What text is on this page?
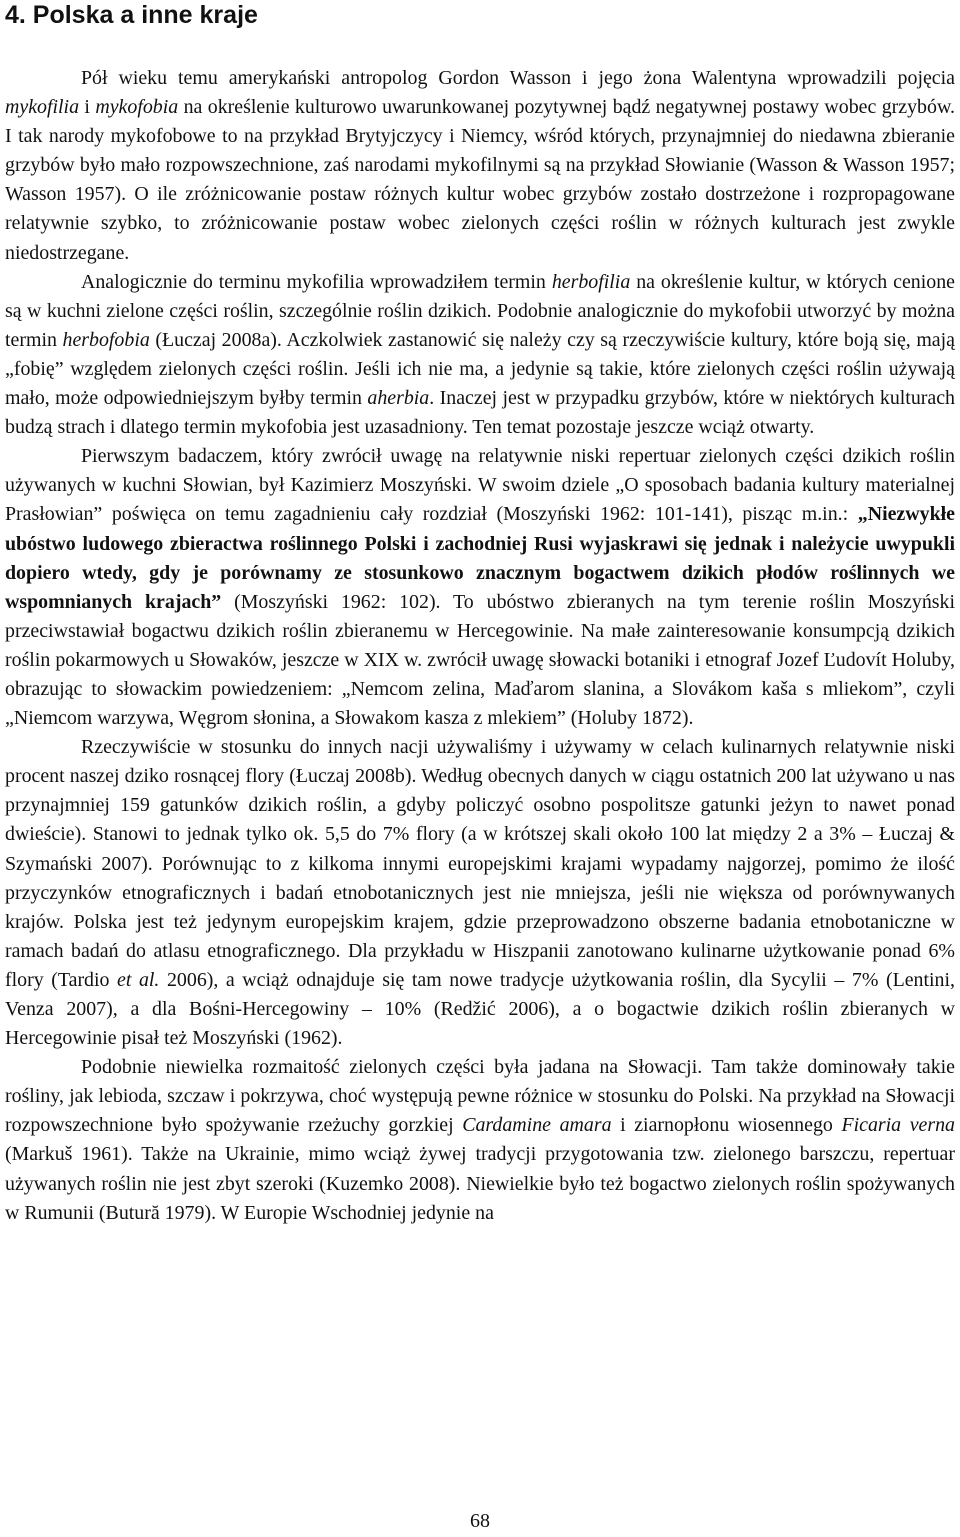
4. Polska a inne kraje

Pół wieku temu amerykański antropolog Gordon Wasson i jego żona Walentyna wprowadzili pojęcia mykofilia i mykofobia na określenie kulturowo uwarunkowanej pozytywnej bądź negatywnej postawy wobec grzybów. I tak narody mykofobowe to na przykład Brytyjczycy i Niemcy, wśród których, przynajmniej do niedawna zbieranie grzybów było mało rozpowszechnione, zaś narodami mykofilnymi są na przykład Słowianie (Wasson & Wasson 1957; Wasson 1957). O ile zróżnicowanie postaw różnych kultur wobec grzybów zostało dostrzeżone i rozpropagowane relatywnie szybko, to zróżnicowanie postaw wobec zielonych części roślin w różnych kulturach jest zwykle niedostrzegane.

Analogicznie do terminu mykofilia wprowadziłem termin herbofilia na określenie kultur, w których cenione są w kuchni zielone części roślin, szczególnie roślin dzikich. Podobnie analogicznie do mykofobii utworzyć by można termin herbofobia (Łuczaj 2008a). Aczkolwiek zastanowić się należy czy są rzeczywiście kultury, które boją się, mają „fobię” względem zielonych części roślin. Jeśli ich nie ma, a jedynie są takie, które zielonych części roślin używają mało, może odpowiedniejszym byłby termin aherbia. Inaczej jest w przypadku grzybów, które w niektórych kulturach budzą strach i dlatego termin mykofobia jest uzasadniony. Ten temat pozostaje jeszcze wciąż otwarty.

Pierwszym badaczem, który zwrócił uwagę na relatywnie niski repertuar zielonych części dzikich roślin używanych w kuchni Słowian, był Kazimierz Moszyński. W swoim dziele „O sposobach badania kultury materialnej Prasłowian” poświęca on temu zagadnieniu cały rozdział (Moszyński 1962: 101-141), pisząc m.in.: „Niezwykłe ubóstwo ludowego zbieractwa roślinnego Polski i zachodniej Rusi wyjaskrawi się jednak i należycie uwypukli dopiero wtedy, gdy je porównamy ze stosunkowo znacznym bogactwem dzikich płodów roślinnych we wspomnianych krajach” (Moszyński 1962: 102). To ubóstwo zbieranych na tym terenie roślin Moszyński przeciwstawiał bogactwu dzikich roślin zbieranemu w Hercegowinie. Na małe zainteresowanie konsumpcją dzikich roślin pokarmowych u Słowaków, jeszcze w XIX w. zwrócił uwagę słowacki botaniki i etnograf Jozef Ľudovít Holuby, obrazując to słowackim powiedzeniem: „Nemcom zelina, Maďarom slanina, a Slovákom kaša s mliekom”, czyli „Niemcom warzywa, Węgrom słonina, a Słowakom kasza z mlekiem” (Holuby 1872).

Rzeczywiście w stosunku do innych nacji używaliśmy i używamy w celach kulinarnych relatywnie niski procent naszej dziko rosnącej flory (Łuczaj 2008b). Według obecnych danych w ciągu ostatnich 200 lat używano u nas przynajmniej 159 gatunków dzikich roślin, a gdyby policzyć osobno pospolitsze gatunki jeżyn to nawet ponad dwieście). Stanowi to jednak tylko ok. 5,5 do 7% flory (a w krótszej skali około 100 lat między 2 a 3% – Łuczaj & Szymański 2007). Porównując to z kilkoma innymi europejskimi krajami wypadamy najgorzej, pomimo że ilość przyczynków etnograficznych i badań etnobotanicznych jest nie mniejsza, jeśli nie większa od porównywanych krajów. Polska jest też jedynym europejskim krajem, gdzie przeprowadzono obszerne badania etnobotaniczne w ramach badań do atlasu etnograficznego. Dla przykładu w Hiszpanii zanotowano kulinarne użytkowanie ponad 6% flory (Tardio et al. 2006), a wciąż odnajduje się tam nowe tradycje użytkowania roślin, dla Sycylii – 7% (Lentini, Venza 2007), a dla Bośni-Hercegowiny – 10% (Redžić 2006), a o bogactwie dzikich roślin zbieranych w Hercegowinie pisał też Moszyński (1962).

Podobnie niewielka rozmaitość zielonych części była jadana na Słowacji. Tam także dominowały takie rośliny, jak lebioda, szczaw i pokrzywa, choć występują pewne różnice w stosunku do Polski. Na przykład na Słowacji rozpowszechnione było spożywanie rzeżuchy gorzkiej Cardamine amara i ziarnopłonu wiosennego Ficaria verna (Markuš 1961). Także na Ukrainie, mimo wciąż żywej tradycji przygotowania tzw. zielonego barszczu, repertuar używanych roślin nie jest zbyt szeroki (Kuzemko 2008). Niewielkie było też bogactwo zielonych roślin spożywanych w Rumunii (Butură 1979). W Europie Wschodniej jedynie na

68
